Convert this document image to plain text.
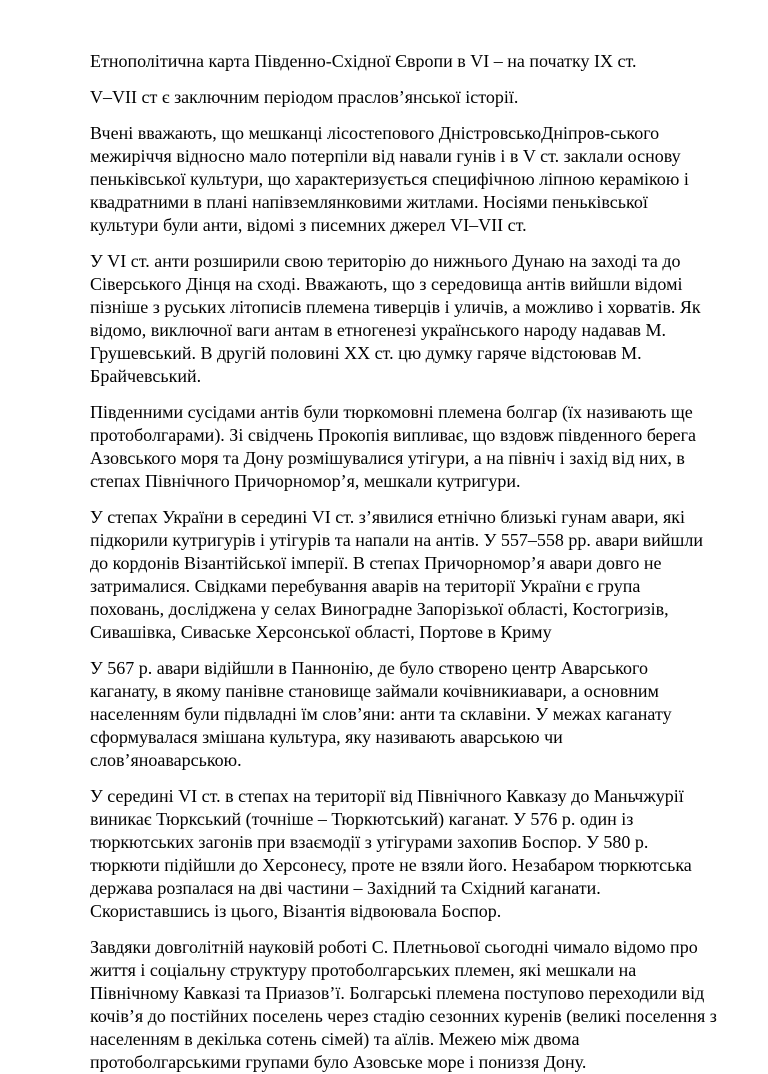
Етнополітична карта Південно-Східної Європи в VI – на початку IX ст.

V–VII ст є заключним періодом праслов’янської історії.

Вчені вважають, що мешканці лісостепового ДністровськоДніпров-ського межиріччя відносно мало потерпіли від навали гунів і в V ст. заклали основу пеньківської культури, що характеризується специфічною ліпною керамікою і квадратними в плані напівземлянковими житлами. Носіями пеньківської культури були анти, відомі з писемних джерел VI–VII ст.

У VI ст. анти розширили свою територію до нижнього Дунаю на заході та до Сіверського Дінця на сході. Вважають, що з середовища антів вийшли відомі пізніше з руських літописів племена тиверців і уличів, а можливо і хорватів. Як відомо, виключної ваги антам в етногенезі українського народу надавав М. Грушевський. В другій половині ХХ ст. цю думку гаряче відстоював М. Брайчевський.

Південними сусідами антів були тюркомовні племена болгар (їх називають ще протоболгарами). Зі свідчень Прокопія випливає, що вздовж південного берега Азовського моря та Дону розмішувалися утігури, а на північ і захід від них, в степах Північного Причорномор’я, мешкали кутригури.

У степах України в середині VI ст. з’явилися етнічно близькі гунам авари, які підкорили кутригурів і утігурів та напали на антів. У 557–558 рр. авари вийшли до кордонів Візантійської імперії. В степах Причорномор’я авари довго не затрималися. Свідками перебування аварів на території України є група поховань, досліджена у селах Виноградне Запорізької області, Костогризів, Сивашівка, Сиваське Херсонської області, Портове в Криму

У 567 р. авари відійшли в Паннонію, де було створено центр Аварського каганату, в якому панівне становище займали кочівникиавари, а основним населенням були підвладні їм слов’яни: анти та склавіни. У межах каганату сформувалася змішана культура, яку називають аварською чи слов’яноаварською.

У середині VI ст. в степах на території від Північного Кавказу до Маньчжурії виникає Тюркський (точніше – Тюркютський) каганат. У 576 р. один із тюркютських загонів при взаємодії з утігурами захопив Боспор. У 580 р. тюркюти підійшли до Херсонесу, проте не взяли його. Незабаром тюркютська держава розпалася на дві частини – Західний та Східний каганати. Скориставшись із цього, Візантія відвоювала Боспор.

Завдяки довголітній науковій роботі С. Плетньової сьогодні чимало відомо про життя і соціальну структуру протоболгарських племен, які мешкали на Північному Кавказі та Приазов’ї. Болгарські племена поступово переходили від кочів’я до постійних поселень через стадію сезонних куренів (великі поселення з населенням в декілька сотень сімей) та аїлів. Межею між двома протоболгарськими групами було Азовське море і пониззя Дону.
